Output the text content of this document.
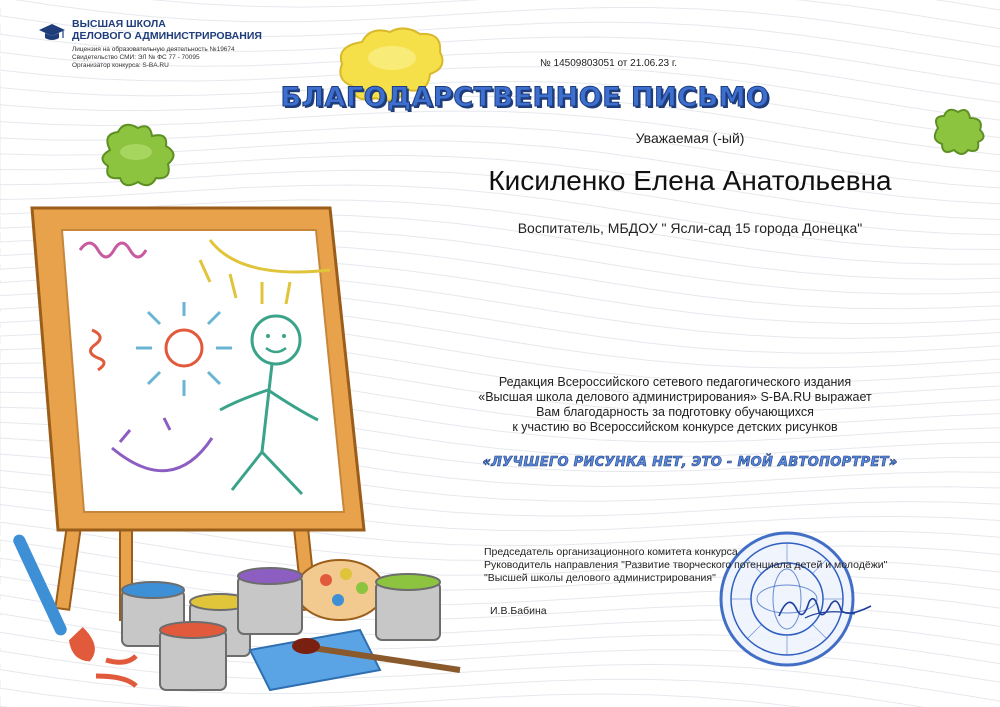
ВЫСШАЯ ШКОЛА
ДЕЛОВОГО АДМИНИСТРИРОВАНИЯ
Лицензия на образовательную деятельность №19674
Свидетельство СМИ: ЭЛ № ФС 77 - 70095
Организатор конкурса: S-BA.RU	№ 14509803051 от 21.06.23 г.
БЛАГОДАРСТВЕННОЕ ПИСЬМО
Уважаемая (-ый)
Кисиленко Елена Анатольевна
Воспитатель, МБДОУ " Ясли-сад 15 города Донецка"
Редакция Всероссийского сетевого педагогического издания
«Высшая школа делового администрирования» S-BA.RU выражает
Вам благодарность за подготовку обучающихся
к участию во Всероссийском конкурсе детских рисунков
«ЛУЧШЕГО РИСУНКА НЕТ, ЭТО - МОЙ АВТОПОРТРЕТ»
Председатель организационного комитета конкурса
Руководитель направления "Развитие творческого потенциала детей и молодёжи"
"Высшей школы делового администрирования"
И.В.Бабина
